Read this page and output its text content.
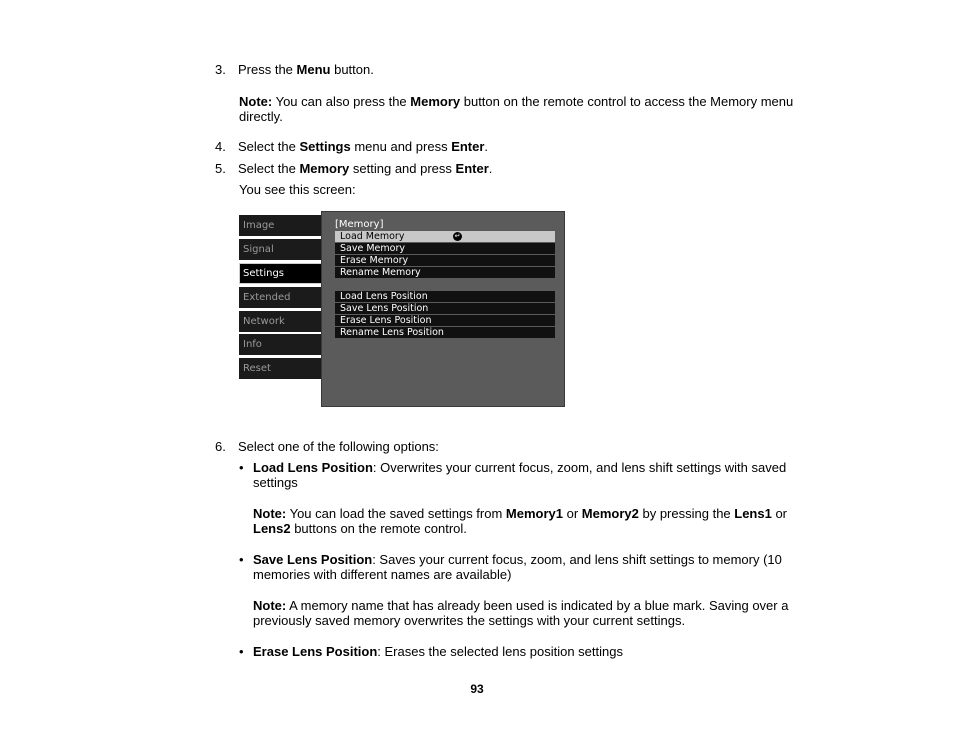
3. Press the Menu button.
Note: You can also press the Memory button on the remote control to access the Memory menu directly.
4. Select the Settings menu and press Enter.
5. Select the Memory setting and press Enter.
You see this screen:
Image
Signal
Settings
Extended
Network
Info
Reset
[Memory]
Load Memory	↵
Save Memory
Erase Memory
Rename Memory
Load Lens Position
Save Lens Position
Erase Lens Position
Rename Lens Position
6. Select one of the following options:
• Load Lens Position: Overwrites your current focus, zoom, and lens shift settings with saved settings
Note: You can load the saved settings from Memory1 or Memory2 by pressing the Lens1 or Lens2 buttons on the remote control.
• Save Lens Position: Saves your current focus, zoom, and lens shift settings to memory (10 memories with different names are available)
Note: A memory name that has already been used is indicated by a blue mark. Saving over a previously saved memory overwrites the settings with your current settings.
• Erase Lens Position: Erases the selected lens position settings
93
